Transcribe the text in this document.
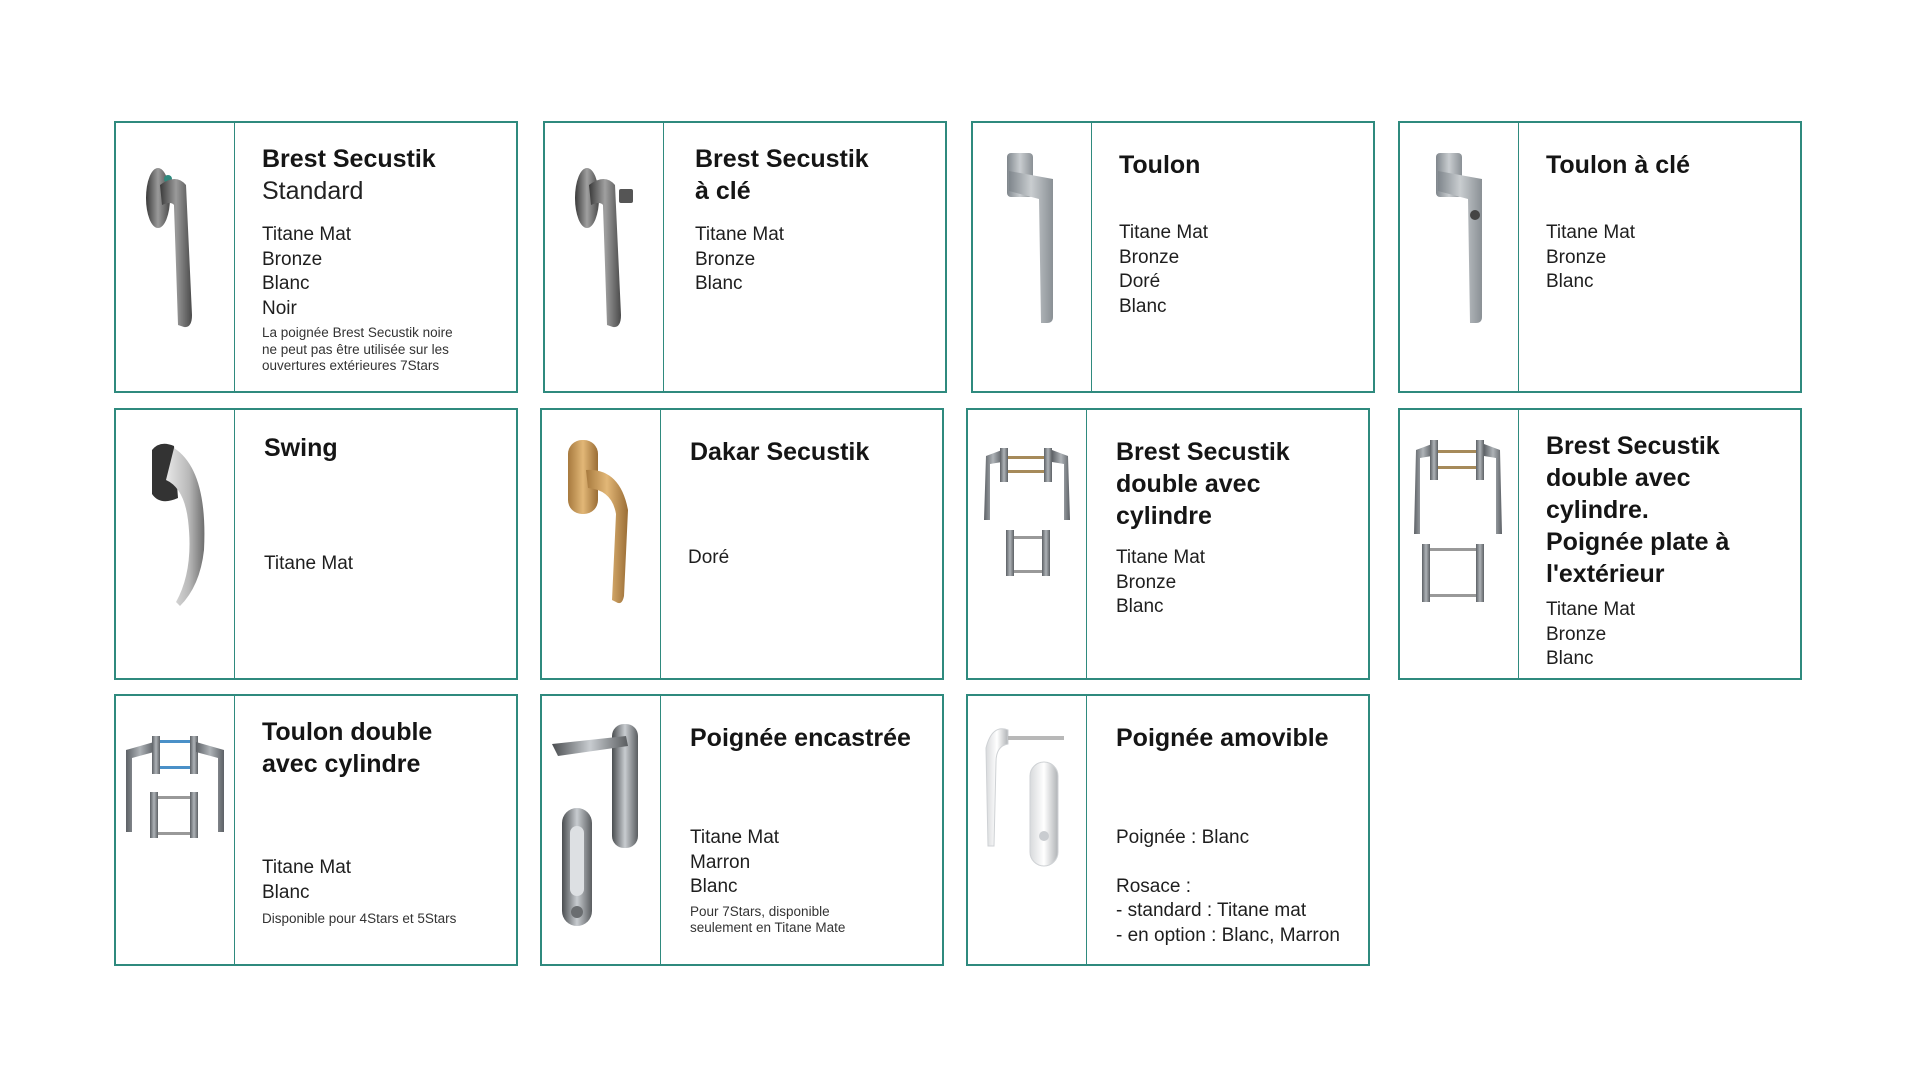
Brest Secustik
Standard
Titane Mat
Bronze
Blanc
Noir
La poignée Brest Secustik noire ne peut pas être utilisée sur les ouvertures extérieures 7Stars
Brest Secustik
à clé
Titane Mat
Bronze
Blanc
Toulon
Titane Mat
Bronze
Doré
Blanc
Toulon à clé
Titane Mat
Bronze
Blanc
Swing
Titane Mat
Dakar Secustik
Doré
Brest Secustik
double avec
cylindre
Titane Mat
Bronze
Blanc
Brest Secustik
double avec cylindre.
Poignée plate à
l'extérieur
Titane Mat
Bronze
Blanc
Toulon double
avec cylindre
Titane Mat
Blanc
Disponible pour 4Stars et 5Stars
Poignée encastrée
Titane Mat
Marron
Blanc
Pour 7Stars, disponible seulement en Titane Mate
Poignée amovible
Poignée : Blanc
Rosace :
- standard : Titane mat
- en option : Blanc, Marron
